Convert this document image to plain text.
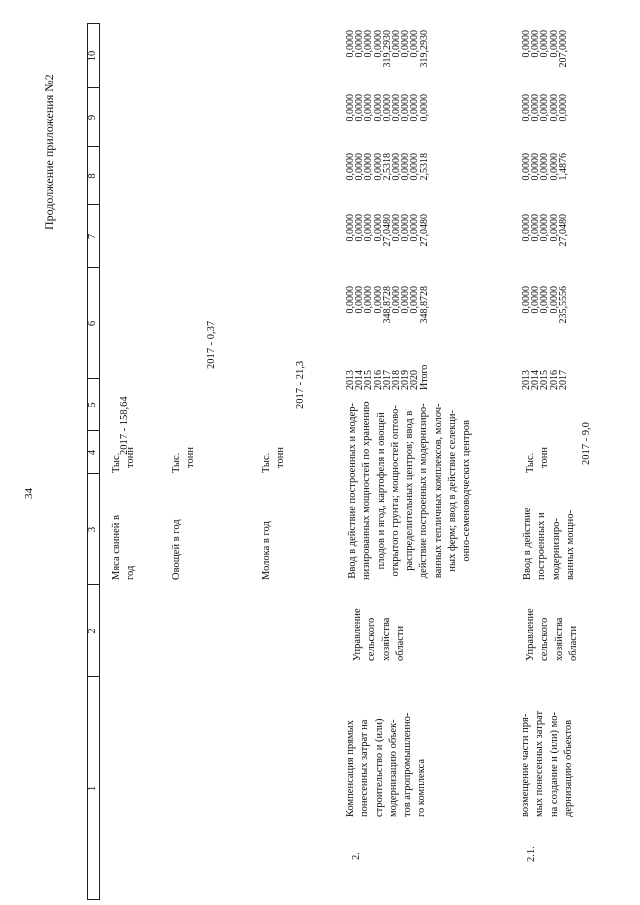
34
Продолжение приложения №2
1
2
3
4
5
6
7
8
9
10
Мяса свиней в год
Тыс. тонн
2017 - 158,64
Овощей в год
Тыс. тонн
2017 - 0,37
Молока в год
Тыс. тонн
2017 - 21,3
2.
Компенсация прямых понесенных затрат на строительство и (или) модернизацию объек- тов агропромышленно- го комплекса
Управление сельского хозяйства области
Ввод в действие построенных и модер- низированных мощностей по хранению плодов и ягод, картофеля и овощей открытого грунта; мощностей оптово- распределительных центров; ввод в действие построенных и модернизиро- ванных тепличных комплексов, молоч- ных ферм; ввод в действие селекци- онно-семеноводческих центров
2013
2014
2015
2016
2017
2018
2019
2020
Итого
0,0000
0,0000
0,0000
0,0000
348,8728
0,0000
0,0000
0,0000
348,8728
0,0000
0,0000
0,0000
0,0000
27,0480
0,0000
0,0000
0,0000
27,0480
0,0000
0,0000
0,0000
0,0000
2,5318
0,0000
0,0000
0,0000
2,5318
0,0000
0,0000
0,0000
0,0000
0,0000
0,0000
0,0000
0,0000
0,0000
0,0000
0,0000
0,0000
0,0000
319,2930
0,0000
0,0000
0,0000
319,2930
2.1.
возмещение части пря- мых понесенных затрат на создание и (или) мо- дернизацию объектов
Управление сельского хозяйства области
Ввод в действие построенных и модернизиро- ванных мощно-
Тыс. тонн	2017 - 9,0
2013
2014
2015
2016
2017
0,0000
0,0000
0,0000
0,0000
235,5556
0,0000
0,0000
0,0000
0,0000
27,0480
0,0000
0,0000
0,0000
0,0000
1,4876
0,0000
0,0000
0,0000
0,0000
0,0000
0,0000
0,0000
0,0000
0,0000
207,0000
